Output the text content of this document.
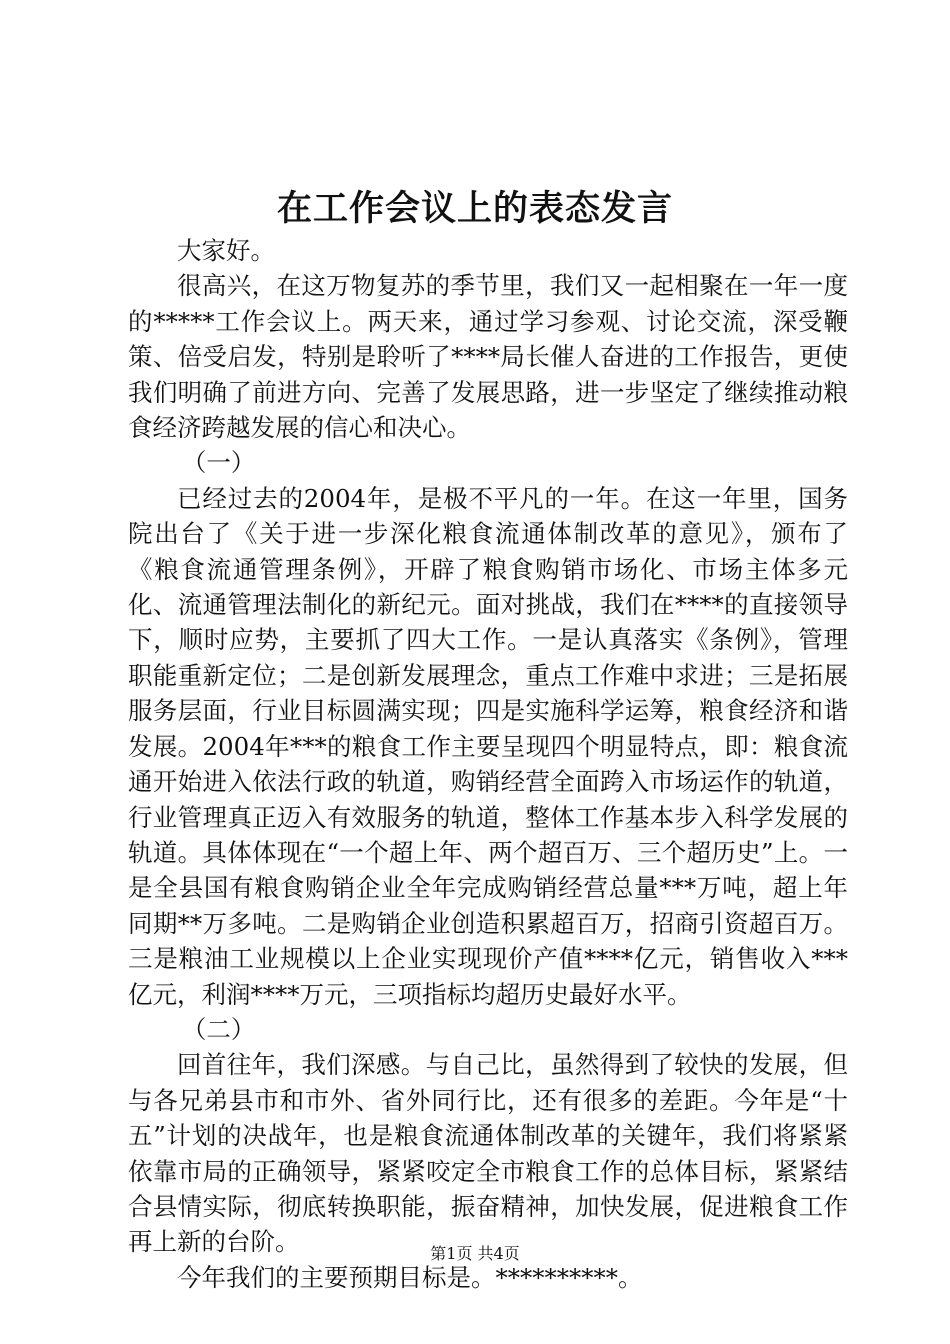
在工作会议上的表态发言

大家好。

很高兴，在这万物复苏的季节里，我们又一起相聚在一年一度的*****工作会议上。两天来，通过学习参观、讨论交流，深受鞭策、倍受启发，特别是聆听了****局长催人奋进的工作报告，更使我们明确了前进方向、完善了发展思路，进一步坚定了继续推动粮食经济跨越发展的信心和决心。

（一）

已经过去的2004年，是极不平凡的一年。在这一年里，国务院出台了《关于进一步深化粮食流通体制改革的意见》，颁布了《粮食流通管理条例》，开辟了粮食购销市场化、市场主体多元化、流通管理法制化的新纪元。面对挑战，我们在****的直接领导下，顺时应势，主要抓了四大工作。一是认真落实《条例》，管理职能重新定位；二是创新发展理念，重点工作难中求进；三是拓展服务层面，行业目标圆满实现；四是实施科学运筹，粮食经济和谐发展。2004年***的粮食工作主要呈现四个明显特点，即：粮食流通开始进入依法行政的轨道，购销经营全面跨入市场运作的轨道，行业管理真正迈入有效服务的轨道，整体工作基本步入科学发展的轨道。具体体现在“一个超上年、两个超百万、三个超历史”上。一是全县国有粮食购销企业全年完成购销经营总量***万吨，超上年同期**万多吨。二是购销企业创造积累超百万，招商引资超百万。三是粮油工业规模以上企业实现现价产值****亿元，销售收入***亿元，利润****万元，三项指标均超历史最好水平。

（二）

回首往年，我们深感。与自己比，虽然得到了较快的发展，但与各兄弟县市和市外、省外同行比，还有很多的差距。今年是“十五”计划的决战年，也是粮食流通体制改革的关键年，我们将紧紧依靠市局的正确领导，紧紧咬定全市粮食工作的总体目标，紧紧结合县情实际，彻底转换职能，振奋精神，加快发展，促进粮食工作再上新的台阶。

今年我们的主要预期目标是。**********。

第1页 共4页
